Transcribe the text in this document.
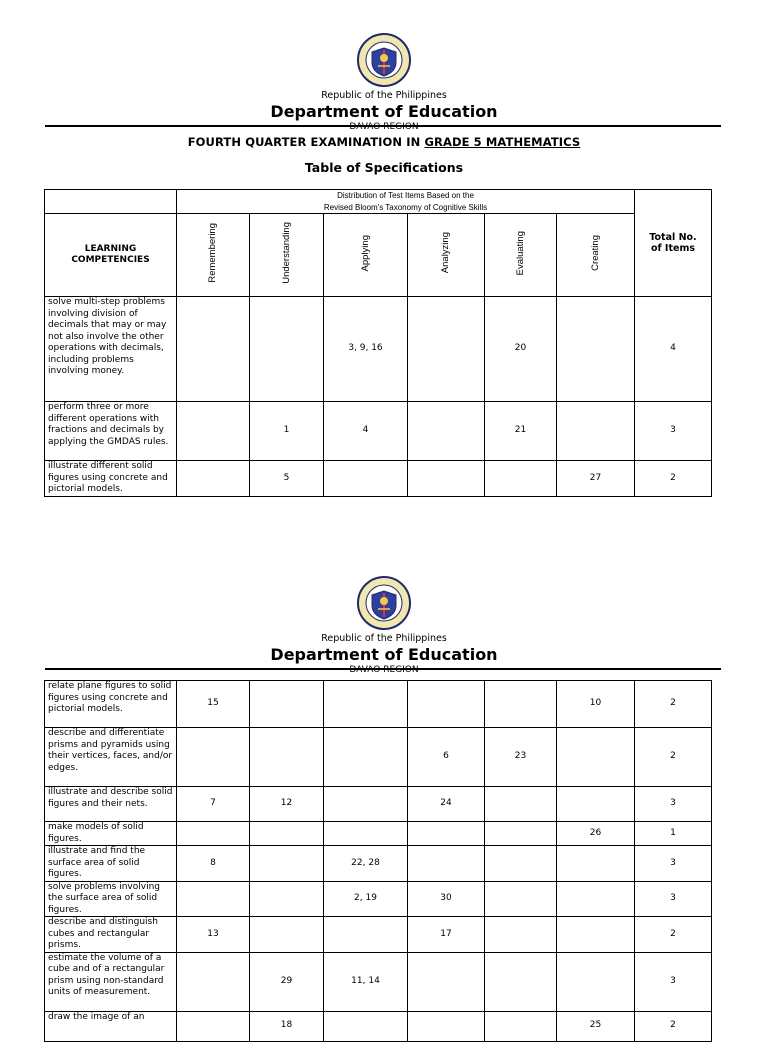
Republic of the Philippines
Department of Education
DAVAO REGION
FOURTH QUARTER EXAMINATION IN GRADE 5 MATHEMATICS
Table of Specifications
	Distribution of Test Items Based on the
Revised Bloom's Taxonomy of Cognitive Skills						Total No.
of Items
LEARNING
COMPETENCIES	Remembering	Understanding	Applying	Analyzing	Evaluating	Creating	
solve multi-step problems involving division of decimals that may or may not also involve the other operations with decimals, including problems involving money.			3, 9, 16		20		4
perform three or more different operations with fractions and decimals by applying the GMDAS rules.		1	4		21		3
illustrate different solid figures using concrete and pictorial models.		5				27	2
Republic of the Philippines
Department of Education
DAVAO REGION
relate plane figures to solid figures using concrete and pictorial models.	15					10	2
describe and differentiate prisms and pyramids using their vertices, faces, and/or edges.				6	23		2
illustrate and describe solid figures and their nets.	7	12		24			3
make models of solid figures.						26	1
illustrate and find the surface area of solid figures.	8		22, 28				3
solve problems involving the surface area of solid figures.			2, 19	30			3
describe and distinguish cubes and rectangular prisms.	13			17			2
estimate the volume of a cube and of a rectangular prism using non-standard units of measurement.		29	11, 14				3
draw the image of an		18				25	2
